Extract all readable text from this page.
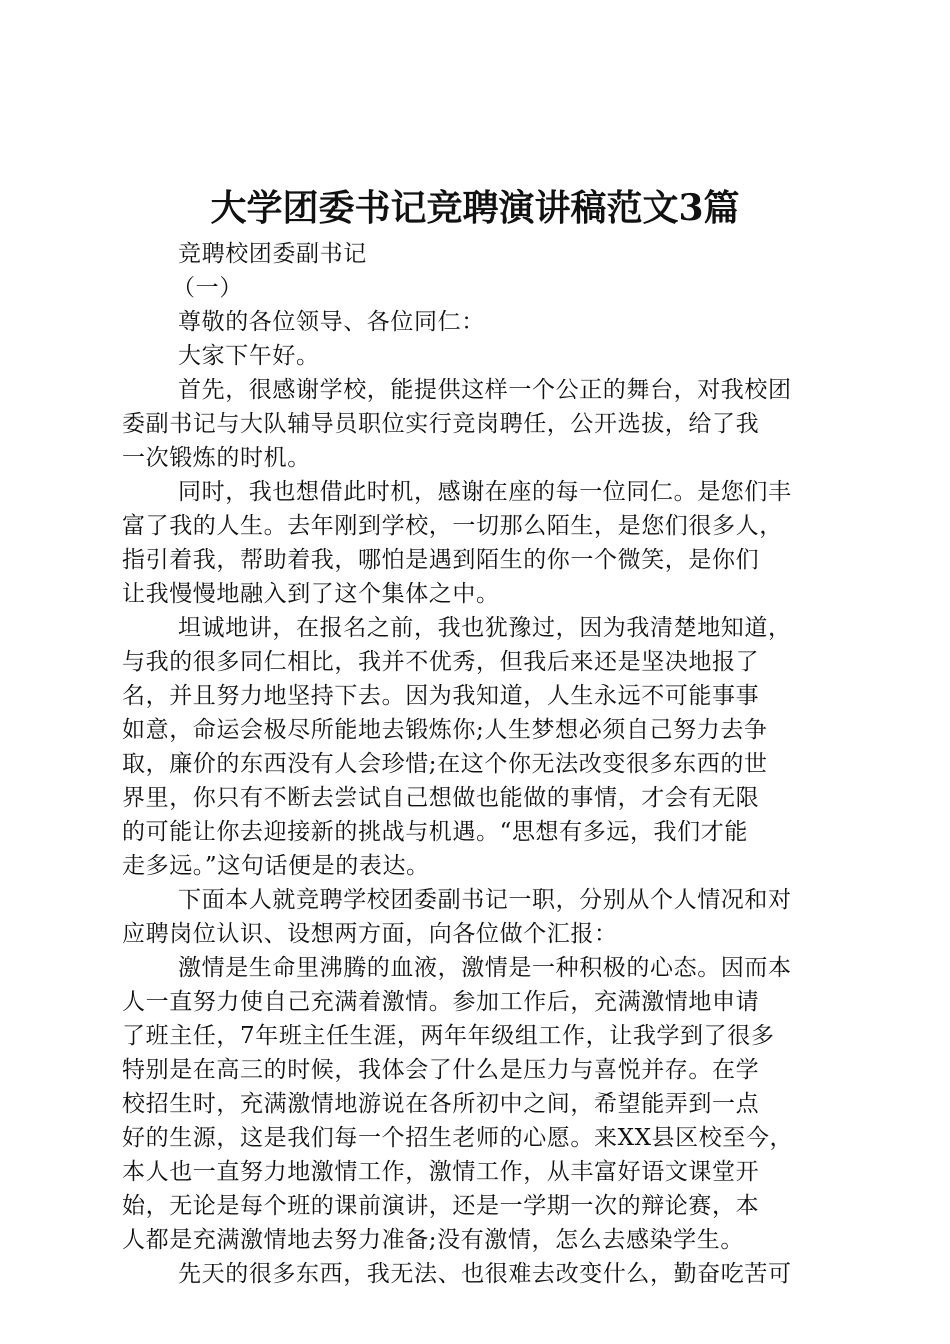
大学团委书记竞聘演讲稿范文3篇
竞聘校团委副书记
（一）
尊敬的各位领导、各位同仁：
大家下午好。
首先，很感谢学校，能提供这样一个公正的舞台，对我校团
委副书记与大队辅导员职位实行竞岗聘任，公开选拔，给了我
一次锻炼的时机。
同时，我也想借此时机，感谢在座的每一位同仁。是您们丰
富了我的人生。去年刚到学校，一切那么陌生，是您们很多人，
指引着我，帮助着我，哪怕是遇到陌生的你一个微笑，是你们
让我慢慢地融入到了这个集体之中。
坦诚地讲，在报名之前，我也犹豫过，因为我清楚地知道，
与我的很多同仁相比，我并不优秀，但我后来还是坚决地报了
名，并且努力地坚持下去。因为我知道，人生永远不可能事事
如意，命运会极尽所能地去锻炼你;人生梦想必须自己努力去争
取，廉价的东西没有人会珍惜;在这个你无法改变很多东西的世
界里，你只有不断去尝试自己想做也能做的事情，才会有无限
的可能让你去迎接新的挑战与机遇。“思想有多远，我们才能
走多远。”这句话便是的表达。
下面本人就竞聘学校团委副书记一职，分别从个人情况和对
应聘岗位认识、设想两方面，向各位做个汇报：
激情是生命里沸腾的血液，激情是一种积极的心态。因而本
人一直努力使自己充满着激情。参加工作后，充满激情地申请
了班主任，7年班主任生涯，两年年级组工作，让我学到了很多
特别是在高三的时候，我体会了什么是压力与喜悦并存。在学
校招生时，充满激情地游说在各所初中之间，希望能弄到一点
好的生源，这是我们每一个招生老师的心愿。来XX县区校至今，
本人也一直努力地激情工作，激情工作，从丰富好语文课堂开
始，无论是每个班的课前演讲，还是一学期一次的辩论赛，本
人都是充满激情地去努力准备;没有激情，怎么去感染学生。
先天的很多东西，我无法、也很难去改变什么，勤奋吃苦可
